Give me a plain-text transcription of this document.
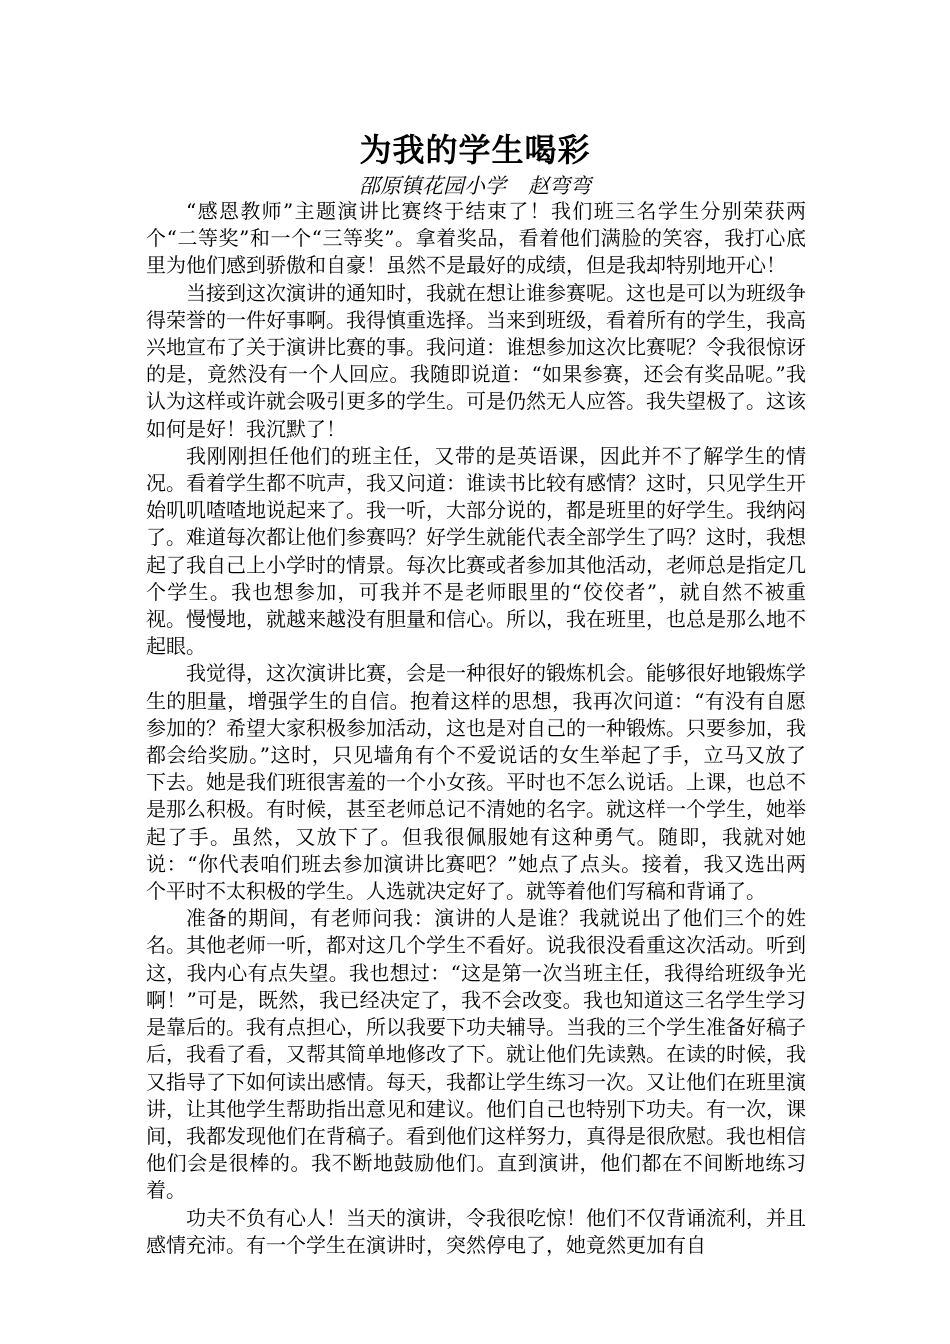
为我的学生喝彩
邵原镇花园小学 赵弯弯

“感恩教师”主题演讲比赛终于结束了！我们班三名学生分别荣获两个“二等奖”和一个“三等奖”。拿着奖品，看着他们满脸的笑容，我打心底里为他们感到骄傲和自豪！虽然不是最好的成绩，但是我却特别地开心！

当接到这次演讲的通知时，我就在想让谁参赛呢。这也是可以为班级争得荣誉的一件好事啊。我得慎重选择。当来到班级，看着所有的学生，我高兴地宣布了关于演讲比赛的事。我问道：谁想参加这次比赛呢？令我很惊讶的是，竟然没有一个人回应。我随即说道：“如果参赛，还会有奖品呢。”我认为这样或许就会吸引更多的学生。可是仍然无人应答。我失望极了。这该如何是好！我沉默了！

我刚刚担任他们的班主任，又带的是英语课，因此并不了解学生的情况。看着学生都不吭声，我又问道：谁读书比较有感情？这时，只见学生开始叽叽喳喳地说起来了。我一听，大部分说的，都是班里的好学生。我纳闷了。难道每次都让他们参赛吗？好学生就能代表全部学生了吗？这时，我想起了我自己上小学时的情景。每次比赛或者参加其他活动，老师总是指定几个学生。我也想参加，可我并不是老师眼里的“佼佼者”，就自然不被重视。慢慢地，就越来越没有胆量和信心。所以，我在班里，也总是那么地不起眼。

我觉得，这次演讲比赛，会是一种很好的锻炼机会。能够很好地锻炼学生的胆量，增强学生的自信。抱着这样的思想，我再次问道：“有没有自愿参加的？希望大家积极参加活动，这也是对自己的一种锻炼。只要参加，我都会给奖励。”这时，只见墙角有个不爱说话的女生举起了手，立马又放了下去。她是我们班很害羞的一个小女孩。平时也不怎么说话。上课，也总不是那么积极。有时候，甚至老师总记不清她的名字。就这样一个学生，她举起了手。虽然，又放下了。但我很佩服她有这种勇气。随即，我就对她说：“你代表咱们班去参加演讲比赛吧？”她点了点头。接着，我又选出两个平时不太积极的学生。人选就决定好了。就等着他们写稿和背诵了。

准备的期间，有老师问我：演讲的人是谁？我就说出了他们三个的姓名。其他老师一听，都对这几个学生不看好。说我很没看重这次活动。听到这，我内心有点失望。我也想过：“这是第一次当班主任，我得给班级争光啊！”可是，既然，我已经决定了，我不会改变。我也知道这三名学生学习是靠后的。我有点担心，所以我要下功夫辅导。当我的三个学生准备好稿子后，我看了看，又帮其简单地修改了下。就让他们先读熟。在读的时候，我又指导了下如何读出感情。每天，我都让学生练习一次。又让他们在班里演讲，让其他学生帮助指出意见和建议。他们自己也特别下功夫。有一次，课间，我都发现他们在背稿子。看到他们这样努力，真得是很欣慰。我也相信他们会是很棒的。我不断地鼓励他们。直到演讲，他们都在不间断地练习着。

功夫不负有心人！当天的演讲，令我很吃惊！他们不仅背诵流利，并且感情充沛。有一个学生在演讲时，突然停电了，她竟然更加有自
